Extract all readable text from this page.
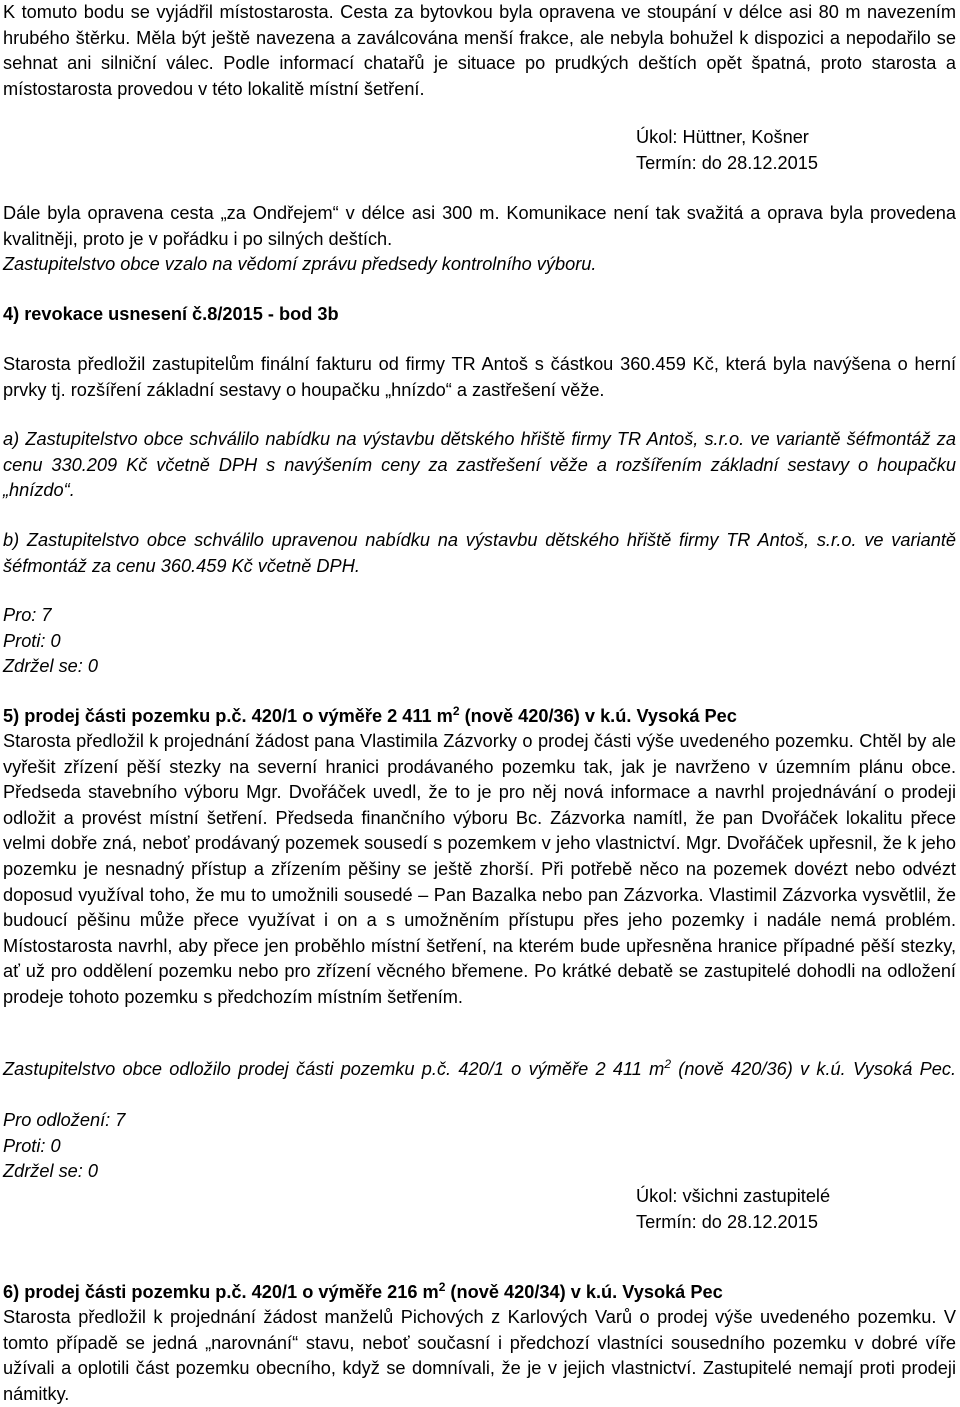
K tomuto bodu se vyjádřil místostarosta. Cesta za bytovkou byla opravena ve stoupání v délce asi 80 m navezením hrubého štěrku. Měla být ještě navezena a zaválcována menší frakce, ale nebyla bohužel k dispozici a nepodařilo se sehnat ani silniční válec. Podle informací chatařů je situace po prudkých deštích opět špatná, proto starosta a místostarosta provedou v této lokalitě místní šetření.

Úkol: Hüttner, Košner
Termín: do 28.12.2015

Dále byla opravena cesta „za Ondřejem“ v délce asi 300 m. Komunikace není tak svažitá a oprava byla provedena kvalitněji, proto je v pořádku i po silných deštích.

Zastupitelstvo obce vzalo na vědomí zprávu předsedy kontrolního výboru.

4) revokace usnesení č.8/2015 - bod 3b

Starosta předložil zastupitelům finální fakturu od firmy TR Antoš s částkou 360.459 Kč, která byla navýšena o herní prvky tj. rozšíření základní sestavy o houpačku „hnízdo“ a zastřešení věže.

a) Zastupitelstvo obce schválilo nabídku na výstavbu dětského hřiště firmy TR Antoš, s.r.o. ve variantě šéfmontáž za cenu 330.209 Kč včetně DPH s navýšením ceny za zastřešení věže a rozšířením základní sestavy o houpačku „hnízdo“.

b) Zastupitelstvo obce schválilo upravenou nabídku na výstavbu dětského hřiště firmy TR Antoš, s.r.o. ve variantě šéfmontáž za cenu 360.459 Kč včetně DPH.

Pro: 7
Proti: 0
Zdržel se: 0

5) prodej části pozemku p.č. 420/1 o výměře 2 411 $m^2$ (nově 420/36) v k.ú. Vysoká Pec

Starosta předložil k projednání žádost pana Vlastimila Zázvorky o prodej části výše uvedeného pozemku. Chtěl by ale vyřešit zřízení pěší stezky na severní hranici prodávaného pozemku tak, jak je navrženo v územním plánu obce. Předseda stavebního výboru Mgr. Dvořáček uvedl, že to je pro něj nová informace a navrhl projednávání o prodeji odložit a provést místní šetření. Předseda finančního výboru Bc. Zázvorka namítl, že pan Dvořáček lokalitu přece velmi dobře zná, neboť prodávaný pozemek sousedí s pozemkem v jeho vlastnictví. Mgr. Dvořáček upřesnil, že k jeho pozemku je nesnadný přístup a zřízením pěšiny se ještě zhorší. Při potřebě něco na pozemek dovézt nebo odvézt doposud využíval toho, že mu to umožnili sousedé – Pan Bazalka nebo pan Zázvorka. Vlastimil Zázvorka vysvětlil, že budoucí pěšinu může přece využívat i on a s umožněním přístupu přes jeho pozemky i nadále nemá problém. Místostarosta navrhl, aby přece jen proběhlo místní šetření, na kterém bude upřesněna hranice případné pěší stezky, ať už pro oddělení pozemku nebo pro zřízení věcného břemene. Po krátké debatě se zastupitelé dohodli na odložení prodeje tohoto pozemku s předchozím místním šetřením.

Zastupitelstvo obce odložilo prodej části pozemku p.č. 420/1 o výměře 2 411 $m^2$ (nově 420/36) v k.ú. Vysoká Pec.

Pro odložení: 7
Proti: 0
Zdržel se: 0
Úkol: všichni zastupitelé
Termín: do 28.12.2015

6) prodej části pozemku p.č. 420/1 o výměře 216 $m^2$ (nově 420/34) v k.ú. Vysoká Pec

Starosta předložil k projednání žádost manželů Pichových z Karlových Varů o prodej výše uvedeného pozemku. V tomto případě se jedná „narovnání“ stavu, neboť současní i předchozí vlastníci sousedního pozemku v dobré víře užívali a oplotili část pozemku obecního, když se domnívali, že je v jejich vlastnictví. Zastupitelé nemají proti prodeji námitky.
